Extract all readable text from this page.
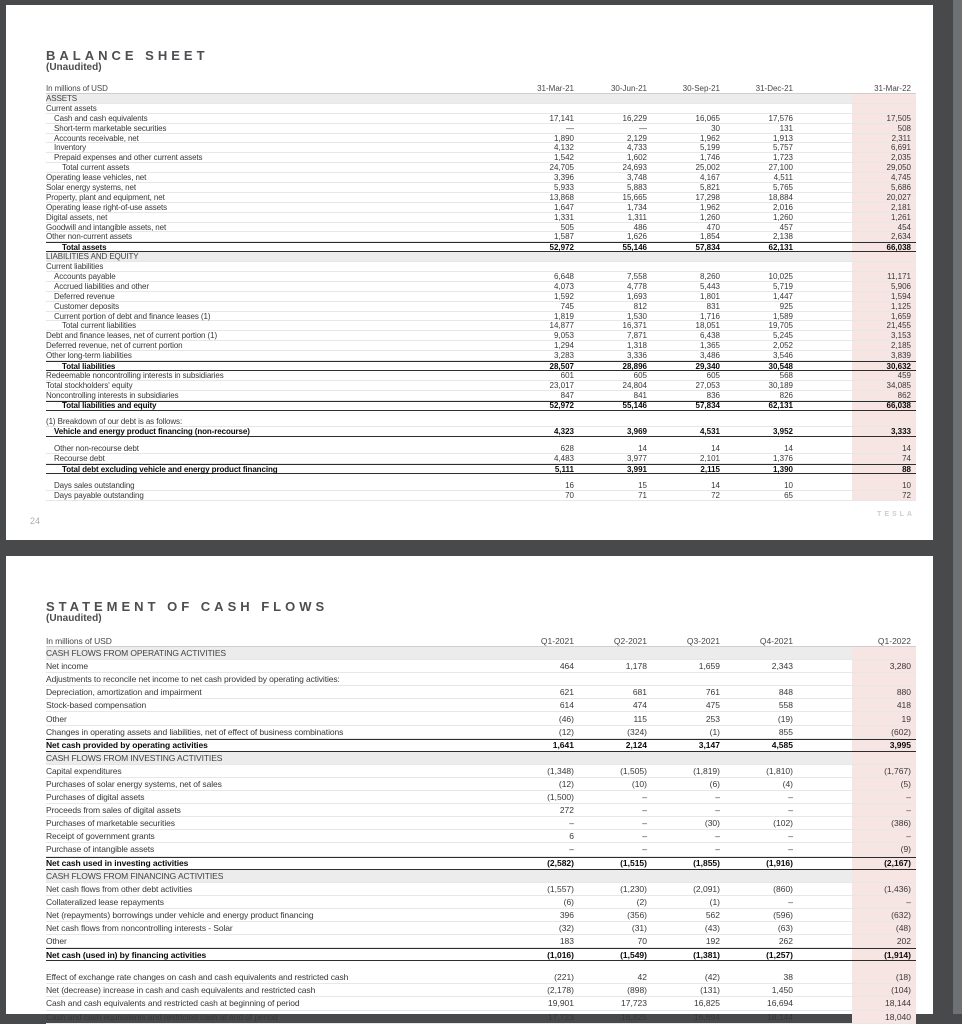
BALANCE SHEET
(Unaudited)
In millions of USD	31-Mar-21	30-Jun-21	30-Sep-21	31-Dec-21	31-Mar-22
ASSETS
Current assets
Cash and cash equivalents	17,141	16,229	16,065	17,576	17,505
Short-term marketable securities	—	—	30	131	508
Accounts receivable, net	1,890	2,129	1,962	1,913	2,311
Inventory	4,132	4,733	5,199	5,757	6,691
Prepaid expenses and other current assets	1,542	1,602	1,746	1,723	2,035
Total current assets	24,705	24,693	25,002	27,100	29,050
Operating lease vehicles, net	3,396	3,748	4,167	4,511	4,745
Solar energy systems, net	5,933	5,883	5,821	5,765	5,686
Property, plant and equipment, net	13,868	15,665	17,298	18,884	20,027
Operating lease right-of-use assets	1,647	1,734	1,962	2,016	2,181
Digital assets, net	1,331	1,311	1,260	1,260	1,261
Goodwill and intangible assets, net	505	486	470	457	454
Other non-current assets	1,587	1,626	1,854	2,138	2,634
Total assets	52,972	55,146	57,834	62,131	66,038
LIABILITIES AND EQUITY
Current liabilities
Accounts payable	6,648	7,558	8,260	10,025	11,171
Accrued liabilities and other	4,073	4,778	5,443	5,719	5,906
Deferred revenue	1,592	1,693	1,801	1,447	1,594
Customer deposits	745	812	831	925	1,125
Current portion of debt and finance leases (1)	1,819	1,530	1,716	1,589	1,659
Total current liabilities	14,877	16,371	18,051	19,705	21,455
Debt and finance leases, net of current portion (1)	9,053	7,871	6,438	5,245	3,153
Deferred revenue, net of current portion	1,294	1,318	1,365	2,052	2,185
Other long-term liabilities	3,283	3,336	3,486	3,546	3,839
Total liabilities	28,507	28,896	29,340	30,548	30,632
Redeemable noncontrolling interests in subsidiaries	601	605	605	568	459
Total stockholders' equity	23,017	24,804	27,053	30,189	34,085
Noncontrolling interests in subsidiaries	847	841	836	826	862
Total liabilities and equity	52,972	55,146	57,834	62,131	66,038
(1) Breakdown of our debt is as follows:
Vehicle and energy product financing (non-recourse)	4,323	3,969	4,531	3,952	3,333
Other non-recourse debt	628	14	14	14	14
Recourse debt	4,483	3,977	2,101	1,376	74
Total debt excluding vehicle and energy product financing	5,111	3,991	2,115	1,390	88
Days sales outstanding	16	15	14	10	10
Days payable outstanding	70	71	72	65	72
24
TESLA
STATEMENT OF CASH FLOWS
(Unaudited)
In millions of USD	Q1-2021	Q2-2021	Q3-2021	Q4-2021	Q1-2022
CASH FLOWS FROM OPERATING ACTIVITIES
Net income	464	1,178	1,659	2,343	3,280
Adjustments to reconcile net income to net cash provided by operating activities:
Depreciation, amortization and impairment	621	681	761	848	880
Stock-based compensation	614	474	475	558	418
Other	(46)	115	253	(19)	19
Changes in operating assets and liabilities, net of effect of business combinations	(12)	(324)	(1)	855	(602)
Net cash provided by operating activities	1,641	2,124	3,147	4,585	3,995
CASH FLOWS FROM INVESTING ACTIVITIES
Capital expenditures	(1,348)	(1,505)	(1,819)	(1,810)	(1,767)
Purchases of solar energy systems, net of sales	(12)	(10)	(6)	(4)	(5)
Purchases of digital assets	(1,500)	–	–	–	–
Proceeds from sales of digital assets	272	–	–	–	–
Purchases of marketable securities	–	–	(30)	(102)	(386)
Receipt of government grants	6	–	–	–	–
Purchase of intangible assets	–	–	–	–	(9)
Net cash used in investing activities	(2,582)	(1,515)	(1,855)	(1,916)	(2,167)
CASH FLOWS FROM FINANCING ACTIVITIES
Net cash flows from other debt activities	(1,557)	(1,230)	(2,091)	(860)	(1,436)
Collateralized lease repayments	(6)	(2)	(1)	–	–
Net (repayments) borrowings under vehicle and energy product financing	396	(356)	562	(596)	(632)
Net cash flows from noncontrolling interests - Solar	(32)	(31)	(43)	(63)	(48)
Other	183	70	192	262	202
Net cash (used in) by financing activities	(1,016)	(1,549)	(1,381)	(1,257)	(1,914)
Effect of exchange rate changes on cash and cash equivalents and restricted cash	(221)	42	(42)	38	(18)
Net (decrease) increase in cash and cash equivalents and restricted cash	(2,178)	(898)	(131)	1,450	(104)
Cash and cash equivalents and restricted cash at beginning of period	19,901	17,723	16,825	16,694	18,144
Cash and cash equivalents and restricted cash at end of period	17,723	16,825	16,694	18,144	18,040
